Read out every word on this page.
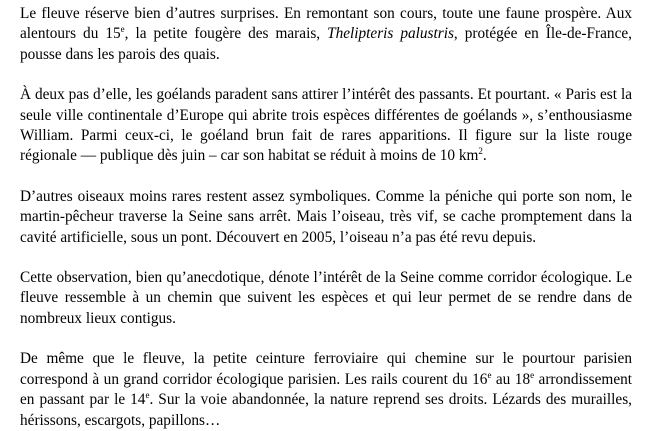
Le fleuve réserve bien d’autres surprises. En remontant son cours, toute une faune prospère. Aux alentours du 15e, la petite fougère des marais, Thelipteris palustris, protégée en Île-de-France, pousse dans les parois des quais.

À deux pas d’elle, les goélands paradent sans attirer l’intérêt des passants. Et pourtant. « Paris est la seule ville continentale d’Europe qui abrite trois espèces différentes de goélands », s’enthousiasme William. Parmi ceux-ci, le goéland brun fait de rares apparitions. Il figure sur la liste rouge régionale — publique dès juin – car son habitat se réduit à moins de 10 $km^2$.

D’autres oiseaux moins rares restent assez symboliques. Comme la péniche qui porte son nom, le martin-pêcheur traverse la Seine sans arrêt. Mais l’oiseau, très vif, se cache promptement dans la cavité artificielle, sous un pont. Découvert en 2005, l’oiseau n’a pas été revu depuis.

Cette observation, bien qu’anecdotique, dénote l’intérêt de la Seine comme corridor écologique. Le fleuve ressemble à un chemin que suivent les espèces et qui leur permet de se rendre dans de nombreux lieux contigus.

De même que le fleuve, la petite ceinture ferroviaire qui chemine sur le pourtour parisien correspond à un grand corridor écologique parisien. Les rails courent du 16e au 18e arrondissement en passant par le 14e. Sur la voie abandonnée, la nature reprend ses droits. Lézards des murailles, hérissons, escargots, papillons…
